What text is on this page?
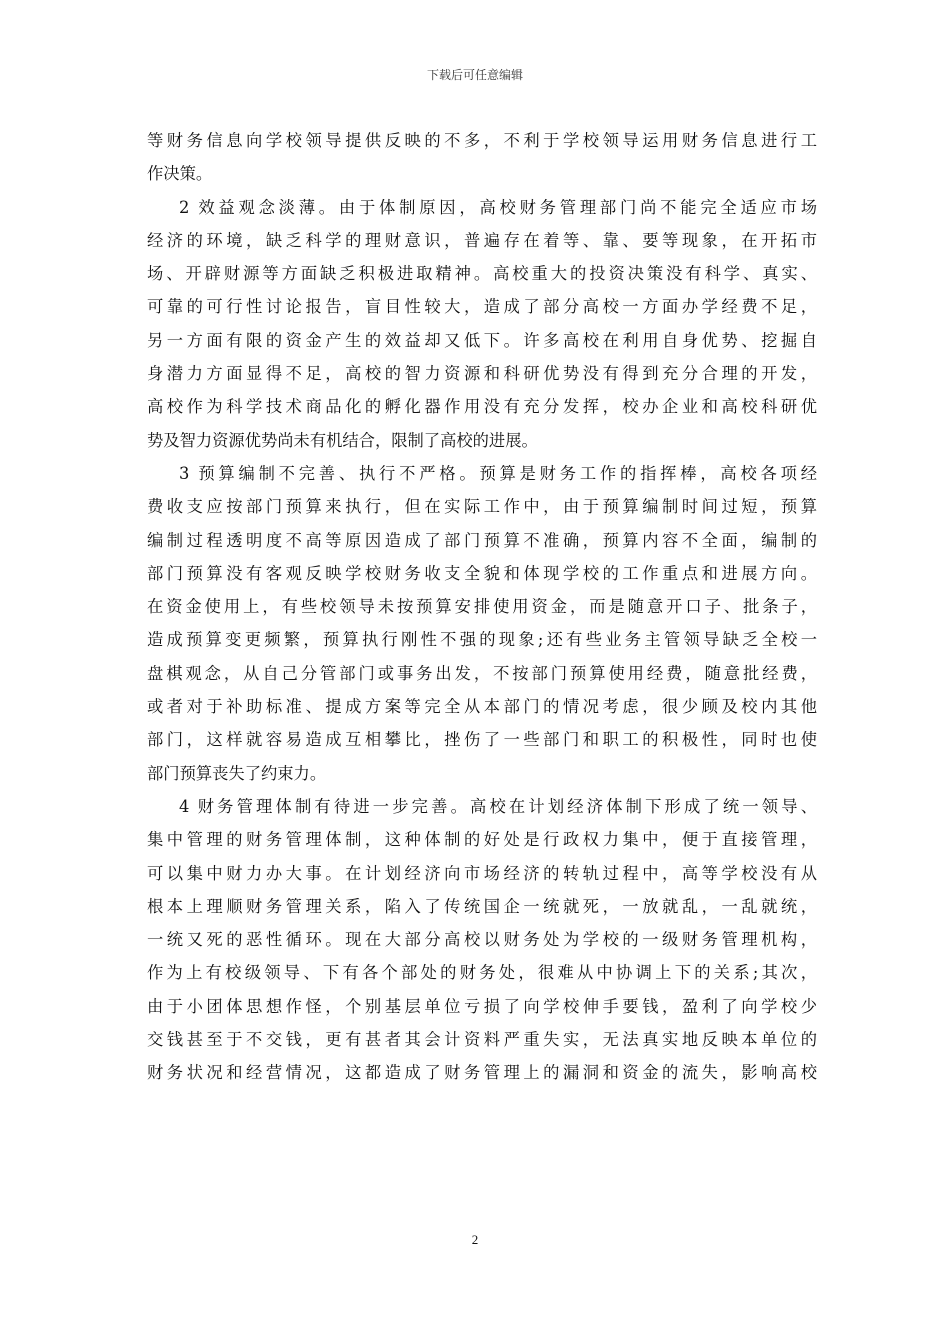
下载后可任意编辑
等财务信息向学校领导提供反映的不多，不利于学校领导运用财务信息进行工
作决策。
2 效益观念淡薄。由于体制原因，高校财务管理部门尚不能完全适应市场
经济的环境，缺乏科学的理财意识，普遍存在着等、靠、要等现象，在开拓市
场、开辟财源等方面缺乏积极进取精神。高校重大的投资决策没有科学、真实、
可靠的可行性讨论报告，盲目性较大，造成了部分高校一方面办学经费不足，
另一方面有限的资金产生的效益却又低下。许多高校在利用自身优势、挖掘自
身潜力方面显得不足，高校的智力资源和科研优势没有得到充分合理的开发，
高校作为科学技术商品化的孵化器作用没有充分发挥，校办企业和高校科研优
势及智力资源优势尚未有机结合，限制了高校的进展。
3 预算编制不完善、执行不严格。预算是财务工作的指挥棒，高校各项经
费收支应按部门预算来执行，但在实际工作中，由于预算编制时间过短，预算
编制过程透明度不高等原因造成了部门预算不准确，预算内容不全面，编制的
部门预算没有客观反映学校财务收支全貌和体现学校的工作重点和进展方向。
在资金使用上，有些校领导未按预算安排使用资金，而是随意开口子、批条子，
造成预算变更频繁，预算执行刚性不强的现象;还有些业务主管领导缺乏全校一
盘棋观念，从自己分管部门或事务出发，不按部门预算使用经费，随意批经费，
或者对于补助标准、提成方案等完全从本部门的情况考虑，很少顾及校内其他
部门，这样就容易造成互相攀比，挫伤了一些部门和职工的积极性，同时也使
部门预算丧失了约束力。
4 财务管理体制有待进一步完善。高校在计划经济体制下形成了统一领导、
集中管理的财务管理体制，这种体制的好处是行政权力集中，便于直接管理，
可以集中财力办大事。在计划经济向市场经济的转轨过程中，高等学校没有从
根本上理顺财务管理关系，陷入了传统国企一统就死，一放就乱，一乱就统，
一统又死的恶性循环。现在大部分高校以财务处为学校的一级财务管理机构，
作为上有校级领导、下有各个部处的财务处，很难从中协调上下的关系;其次，
由于小团体思想作怪，个别基层单位亏损了向学校伸手要钱，盈利了向学校少
交钱甚至于不交钱，更有甚者其会计资料严重失实，无法真实地反映本单位的
财务状况和经营情况，这都造成了财务管理上的漏洞和资金的流失，影响高校
2
